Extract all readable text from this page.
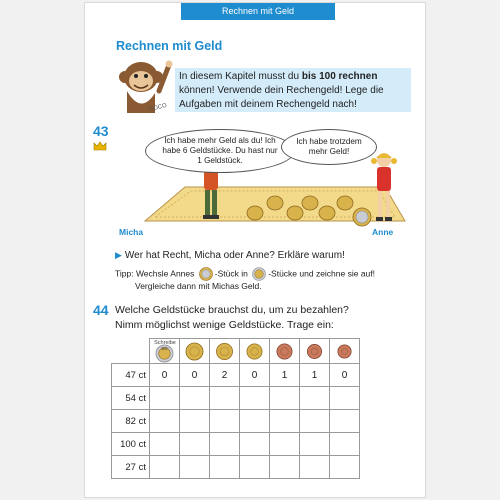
Rechnen mit Geld
Rechnen mit Geld
COCO
In diesem Kapitel musst du bis 100 rechnen können! Verwende dein Rechengeld! Lege die Aufgaben mit deinem Rechengeld nach!
43
Ich habe mehr Geld als du! Ich habe 6 Geldstücke. Du hast nur 1 Geldstück.
Ich habe trotzdem mehr Geld!
Micha	Anne
▶ Wer hat Recht, Micha oder Anne? Erkläre warum!
Tipp: Wechsle Annes -Stück in -Stücke und zeichne sie auf!
Vergleiche dann mit Michas Geld.
44 Welche Geldstücke brauchst du, um zu bezahlen?
Nimm möglichst wenige Geldstücke. Trage ein:

	Schreibe so:

47 ct	0	0	2	0	1	1	0
54 ct							
82 ct							
100 ct							
27 ct							
